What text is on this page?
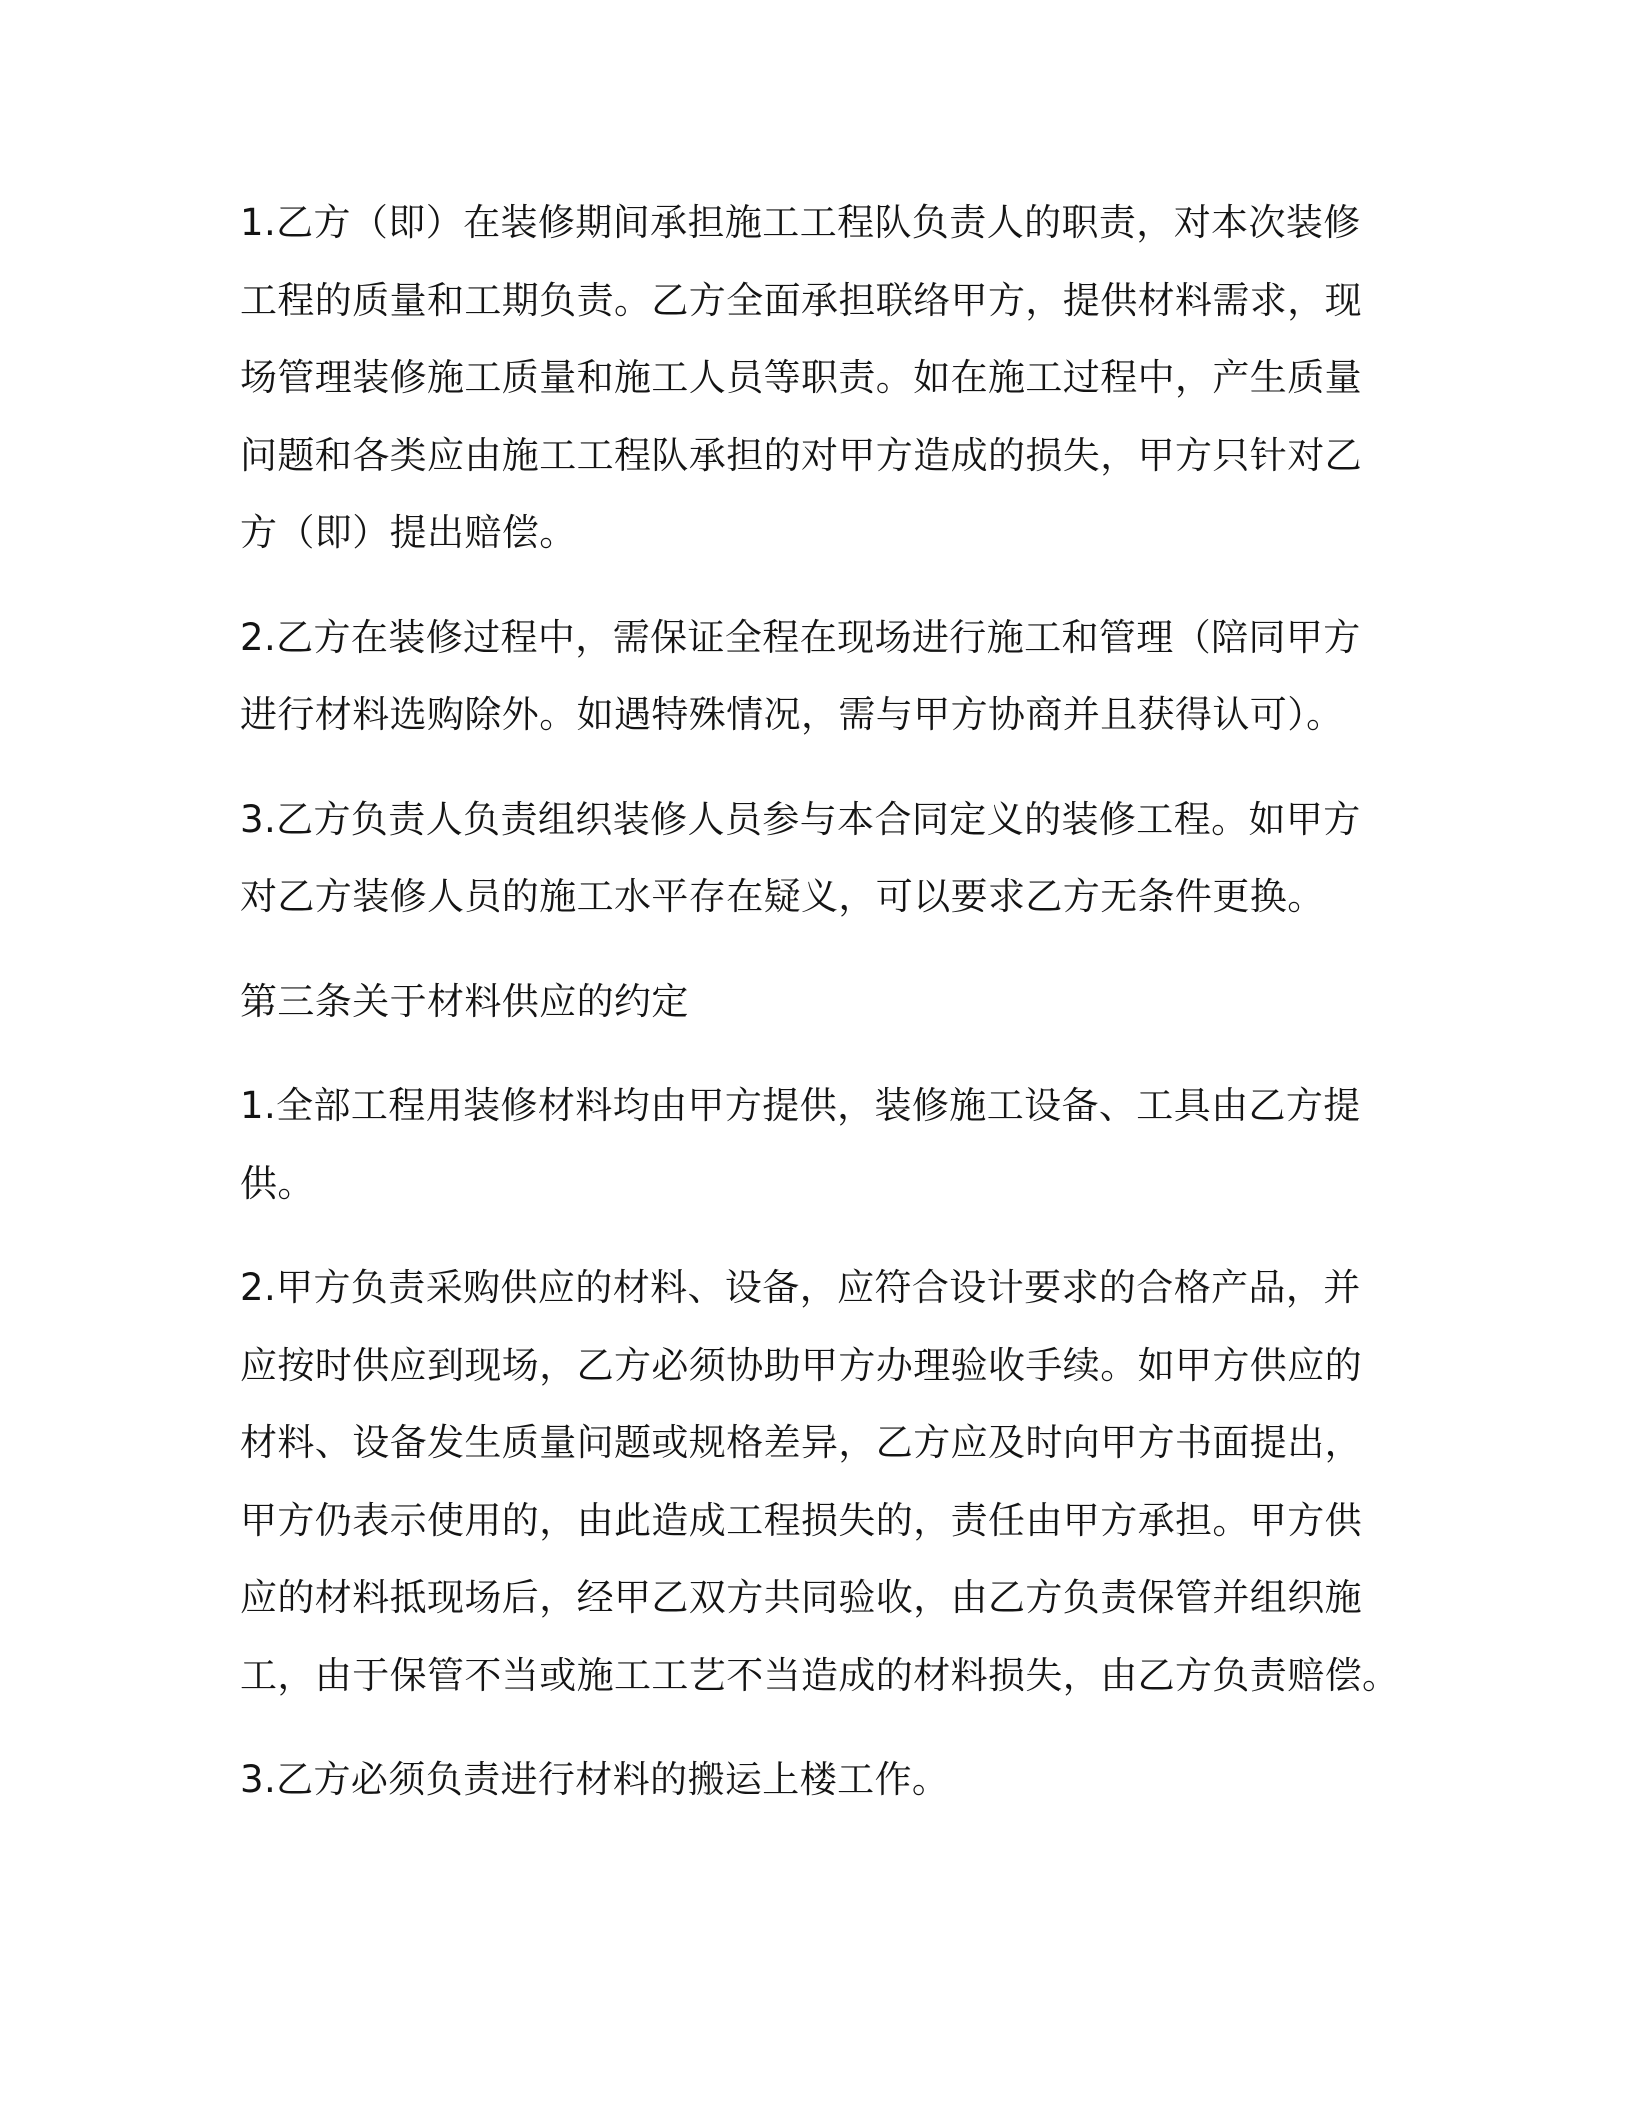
1.乙方（即）在装修期间承担施工工程队负责人的职责，对本次装修
工程的质量和工期负责。乙方全面承担联络甲方，提供材料需求，现
场管理装修施工质量和施工人员等职责。如在施工过程中，产生质量
问题和各类应由施工工程队承担的对甲方造成的损失，甲方只针对乙
方（即）提出赔偿。

2.乙方在装修过程中，需保证全程在现场进行施工和管理（陪同甲方
进行材料选购除外。如遇特殊情况，需与甲方协商并且获得认可）。

3.乙方负责人负责组织装修人员参与本合同定义的装修工程。如甲方
对乙方装修人员的施工水平存在疑义，可以要求乙方无条件更换。

第三条关于材料供应的约定

1.全部工程用装修材料均由甲方提供，装修施工设备、工具由乙方提
供。

2.甲方负责采购供应的材料、设备，应符合设计要求的合格产品，并
应按时供应到现场，乙方必须协助甲方办理验收手续。如甲方供应的
材料、设备发生质量问题或规格差异，乙方应及时向甲方书面提出，
甲方仍表示使用的，由此造成工程损失的，责任由甲方承担。甲方供
应的材料抵现场后，经甲乙双方共同验收，由乙方负责保管并组织施
工，由于保管不当或施工工艺不当造成的材料损失，由乙方负责赔偿。

3.乙方必须负责进行材料的搬运上楼工作。
